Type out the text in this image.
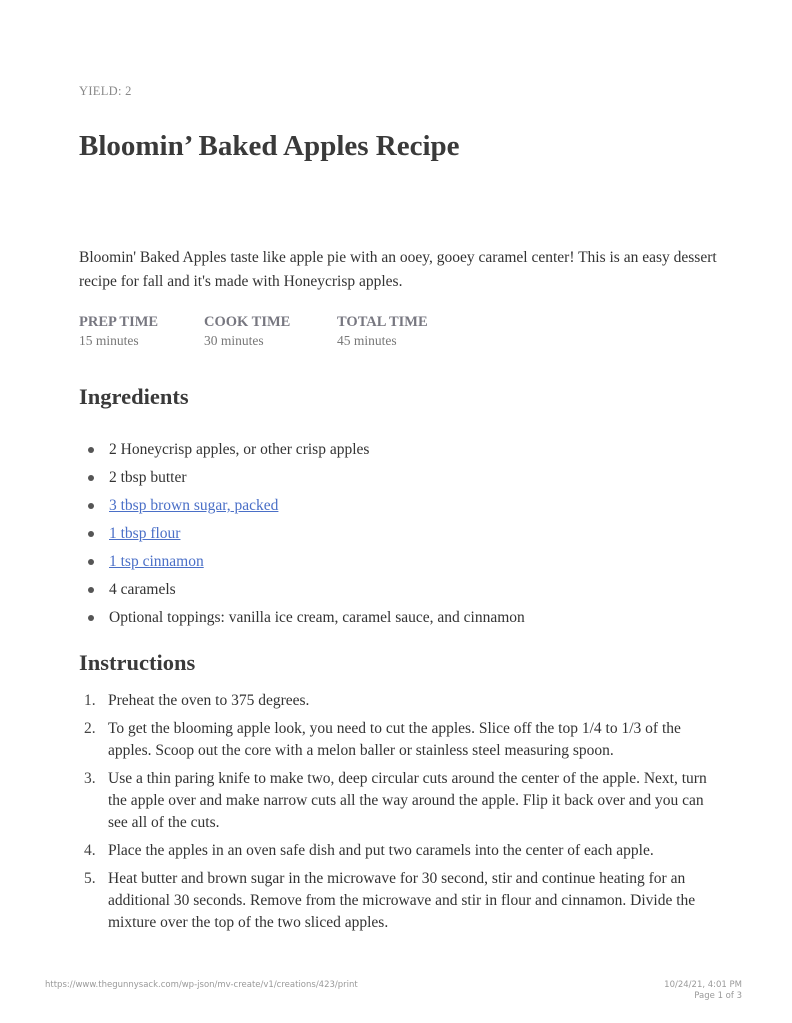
YIELD: 2
Bloomin’ Baked Apples Recipe

Bloomin' Baked Apples taste like apple pie with an ooey, gooey caramel center! This is an easy dessert recipe for fall and it's made with Honeycrisp apples.

PREP TIME
15 minutes
COOK TIME
30 minutes
TOTAL TIME
45 minutes
Ingredients
2 Honeycrisp apples, or other crisp apples
2 tbsp butter
3 tbsp brown sugar, packed
1 tbsp flour
1 tsp cinnamon
4 caramels
Optional toppings: vanilla ice cream, caramel sauce, and cinnamon
Instructions
1. Preheat the oven to 375 degrees.
2. To get the blooming apple look, you need to cut the apples. Slice off the top 1/4 to 1/3 of the apples. Scoop out the core with a melon baller or stainless steel measuring spoon.
3. Use a thin paring knife to make two, deep circular cuts around the center of the apple. Next, turn the apple over and make narrow cuts all the way around the apple. Flip it back over and you can see all of the cuts.
4. Place the apples in an oven safe dish and put two caramels into the center of each apple.
5. Heat butter and brown sugar in the microwave for 30 second, stir and continue heating for an additional 30 seconds. Remove from the microwave and stir in flour and cinnamon. Divide the mixture over the top of the two sliced apples.
https://www.thegunnysack.com/wp-json/mv-create/v1/creations/423/print	10/24/21, 4:01 PM
Page 1 of 3
